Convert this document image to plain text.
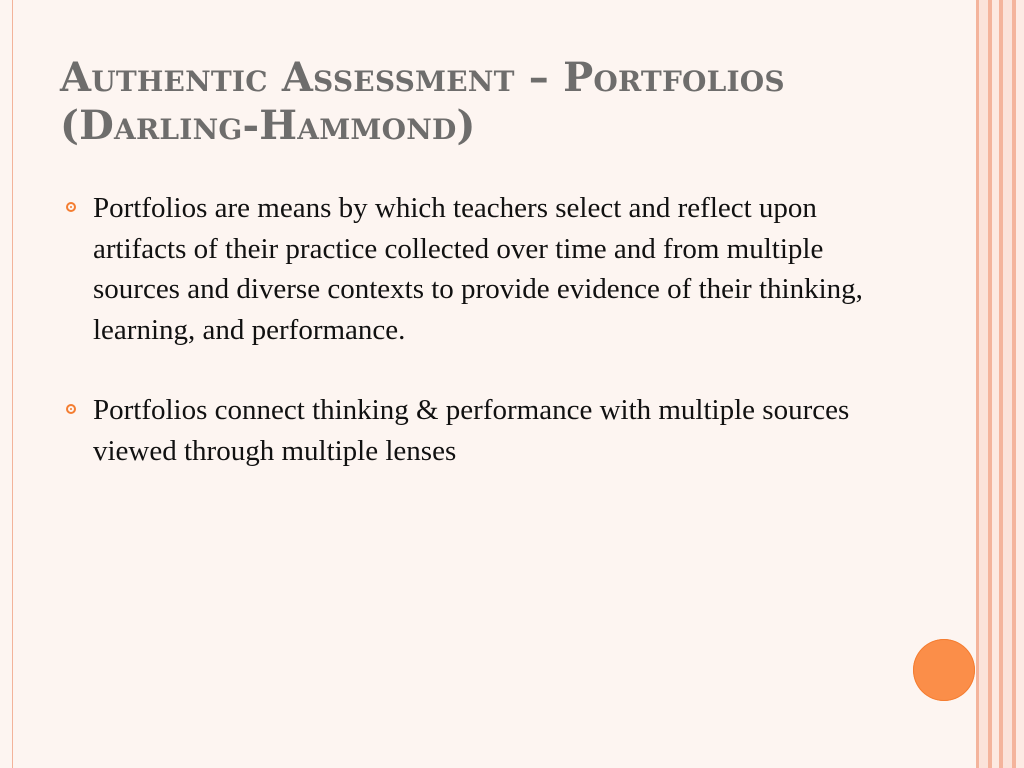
Authentic Assessment – Portfolios
(Darling-Hammond)
Portfolios are means by which teachers select and reflect upon artifacts of their practice collected over time and from multiple sources and diverse contexts to provide evidence of their thinking, learning, and performance.
Portfolios connect thinking & performance with multiple sources viewed through multiple lenses
